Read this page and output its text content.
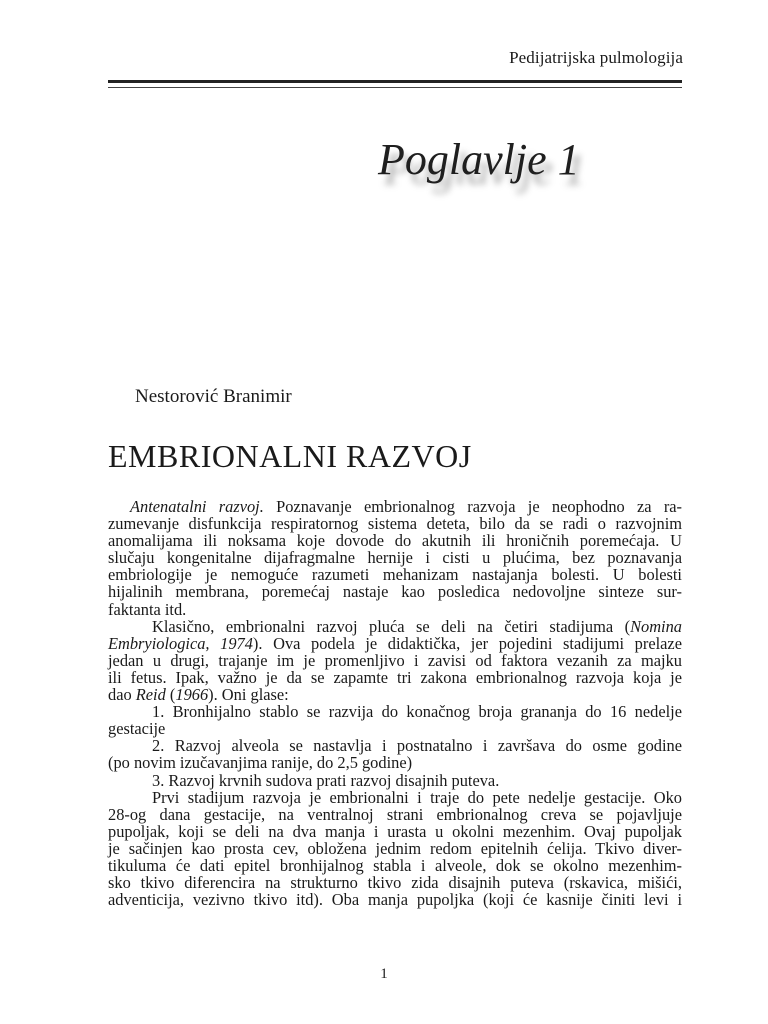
Pedijatrijska pulmologija
Poglavlje 1
Nestorović Branimir
EMBRIONALNI RAZVOJ
Antenatalni razvoj. Poznavanje embrionalnog razvoja je neophodno za ra-
zumevanje disfunkcija respiratornog sistema deteta, bilo da se radi o razvojnim
anomalijama ili noksama koje dovode do akutnih ili hroničnih poremećaja. U
slučaju kongenitalne dijafragmalne hernije i cisti u plućima, bez poznavanja
embriologije je nemoguće razumeti mehanizam nastajanja bolesti. U bolesti
hijalinih membrana, poremećaj nastaje kao posledica nedovoljne sinteze sur-
faktanta itd.
Klasično, embrionalni razvoj pluća se deli na četiri stadijuma (Nomina
Embryiologica, 1974). Ova podela je didaktička, jer pojedini stadijumi prelaze
jedan u drugi, trajanje im je promenljivo i zavisi od faktora vezanih za majku
ili fetus. Ipak, važno je da se zapamte tri zakona embrionalnog razvoja koja je
dao Reid (1966). Oni glase:
1. Bronhijalno stablo se razvija do konačnog broja grananja do 16 nedelje
gestacije
2. Razvoj alveola se nastavlja i postnatalno i završava do osme godine
(po novim izučavanjima ranije, do 2,5 godine)
3. Razvoj krvnih sudova prati razvoj disajnih puteva.
Prvi stadijum razvoja je embrionalni i traje do pete nedelje gestacije. Oko
28-og dana gestacije, na ventralnoj strani embrionalnog creva se pojavljuje
pupoljak, koji se deli na dva manja i urasta u okolni mezenhim. Ovaj pupoljak
je sačinjen kao prosta cev, obložena jednim redom epitelnih ćelija. Tkivo diver-
tikuluma će dati epitel bronhijalnog stabla i alveole, dok se okolno mezenhim-
sko tkivo diferencira na strukturno tkivo zida disajnih puteva (rskavica, mišići,
adventicija, vezivno tkivo itd). Oba manja pupoljka (koji će kasnije činiti levi i
1
